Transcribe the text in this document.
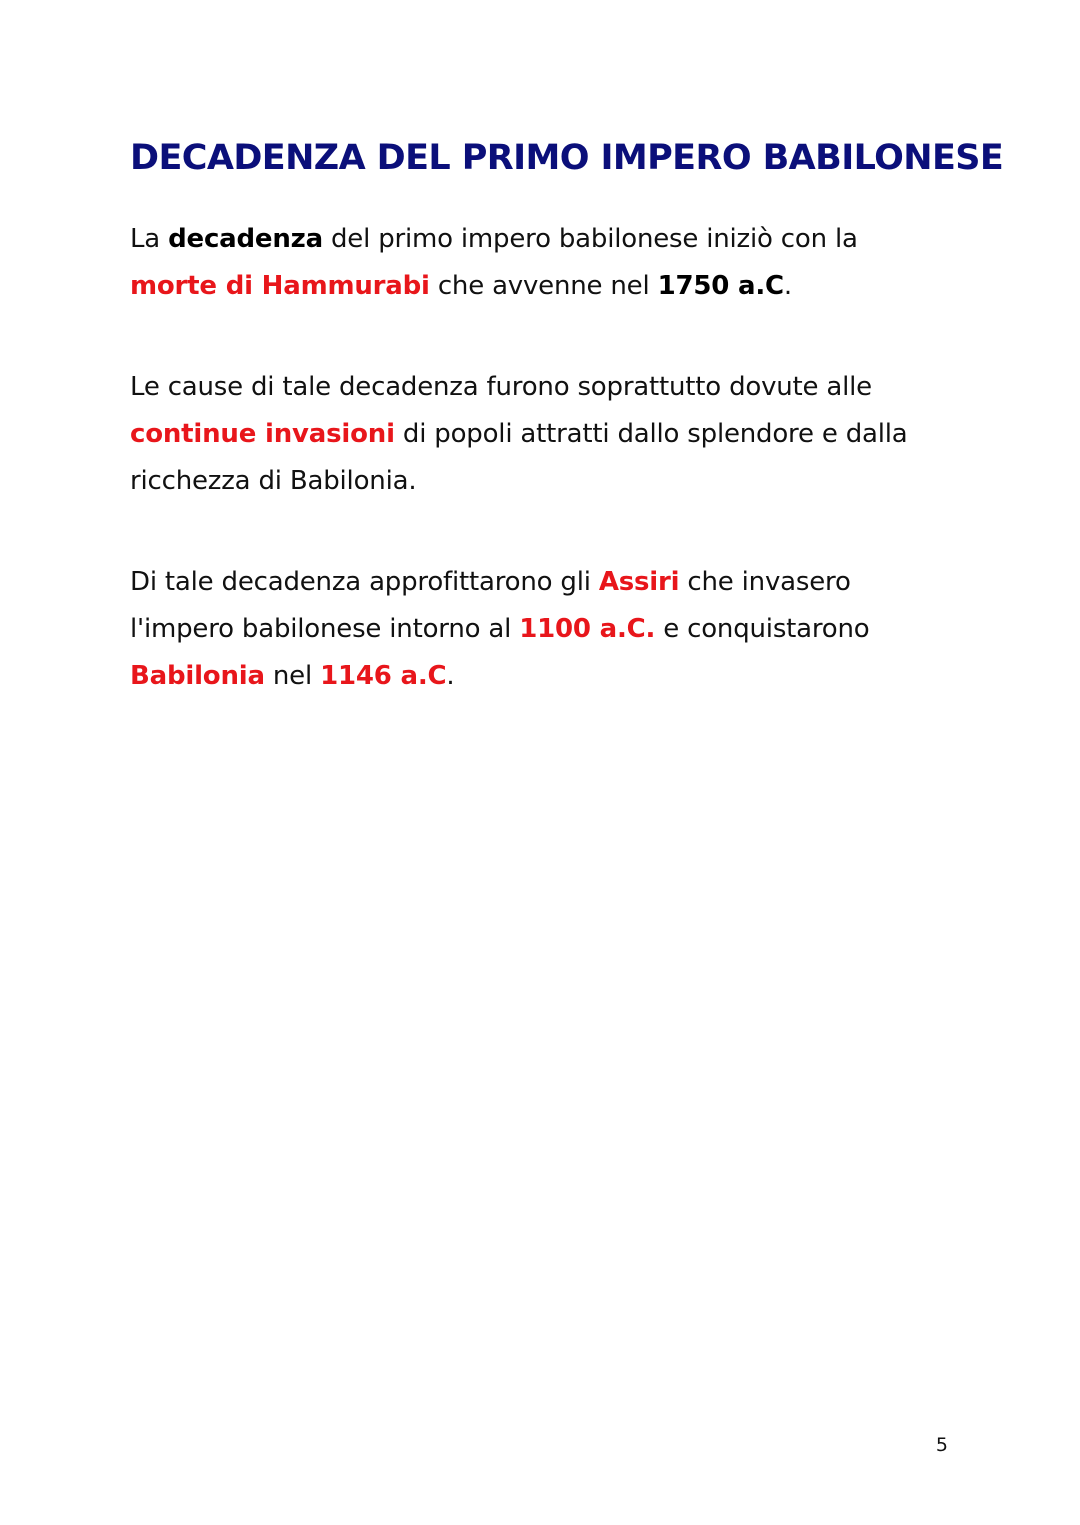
DECADENZA DEL PRIMO IMPERO BABILONESE

La decadenza del primo impero babilonese iniziò con la
morte di Hammurabi che avvenne nel 1750 a.C.

Le cause di tale decadenza furono soprattutto dovute alle
continue invasioni di popoli attratti dallo splendore e dalla
ricchezza di Babilonia.

Di tale decadenza approfittarono gli Assiri che invasero
l'impero babilonese intorno al 1100 a.C. e conquistarono
Babilonia nel 1146 a.C.

5
